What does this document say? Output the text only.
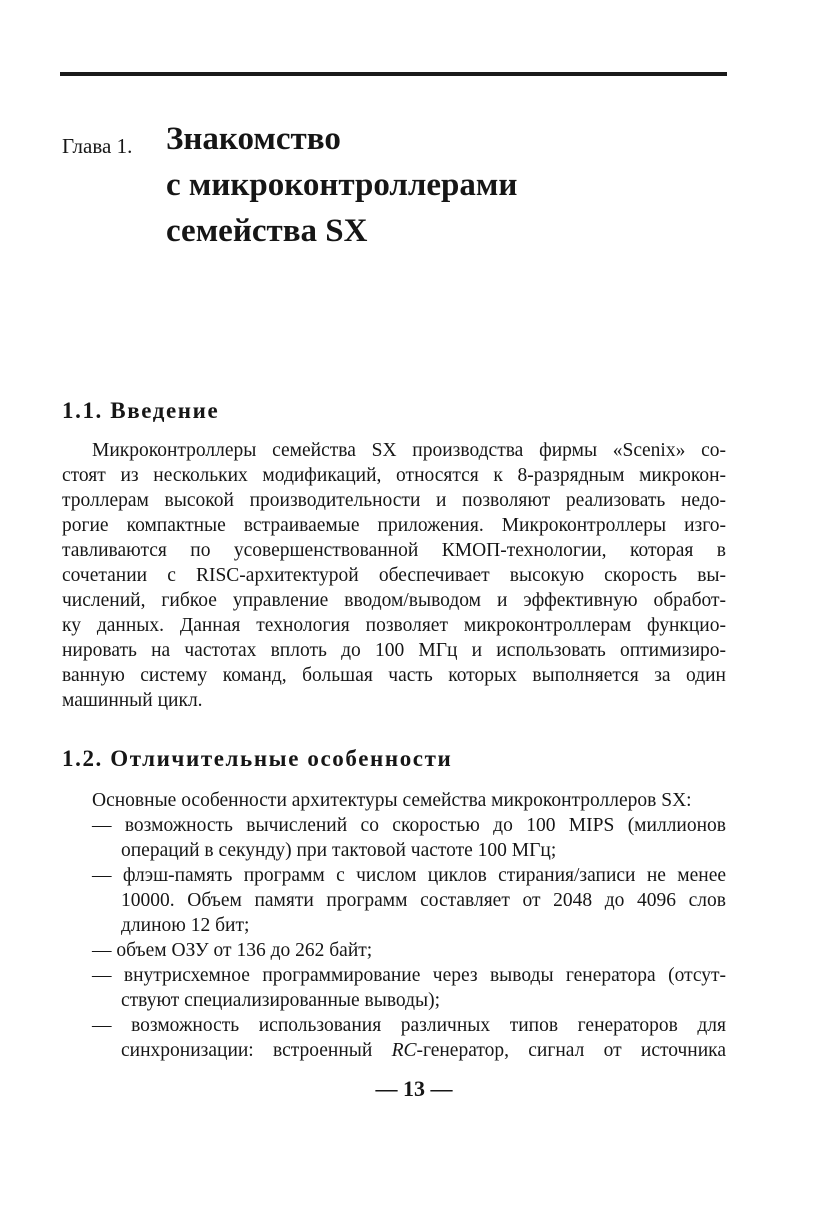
Глава 1. Знакомство
с микроконтроллерами
семейства SX
1.1. Введение
Микроконтроллеры семейства SX производства фирмы «Scenix» со-
стоят из нескольких модификаций, относятся к 8-разрядным микрокон-
троллерам высокой производительности и позволяют реализовать недо-
рогие компактные встраиваемые приложения. Микроконтроллеры изго-
тавливаются по усовершенствованной КМОП-технологии, которая в
сочетании с RISC-архитектурой обеспечивает высокую скорость вы-
числений, гибкое управление вводом/выводом и эффективную обработ-
ку данных. Данная технология позволяет микроконтроллерам функцио-
нировать на частотах вплоть до 100 МГц и использовать оптимизиро-
ванную систему команд, большая часть которых выполняется за один
машинный цикл.
1.2. Отличительные особенности
Основные особенности архитектуры семейства микроконтроллеров SX:
— возможность вычислений со скоростью до 100 MIPS (миллионов
операций в секунду) при тактовой частоте 100 МГц;
— флэш-память программ с числом циклов стирания/записи не менее
10000. Объем памяти программ составляет от 2048 до 4096 слов
длиною 12 бит;
— объем ОЗУ от 136 до 262 байт;
— внутрисхемное программирование через выводы генератора (отсут-
ствуют специализированные выводы);
— возможность использования различных типов генераторов для
синхронизации: встроенный RC-генератор, сигнал от источника
— 13 —
